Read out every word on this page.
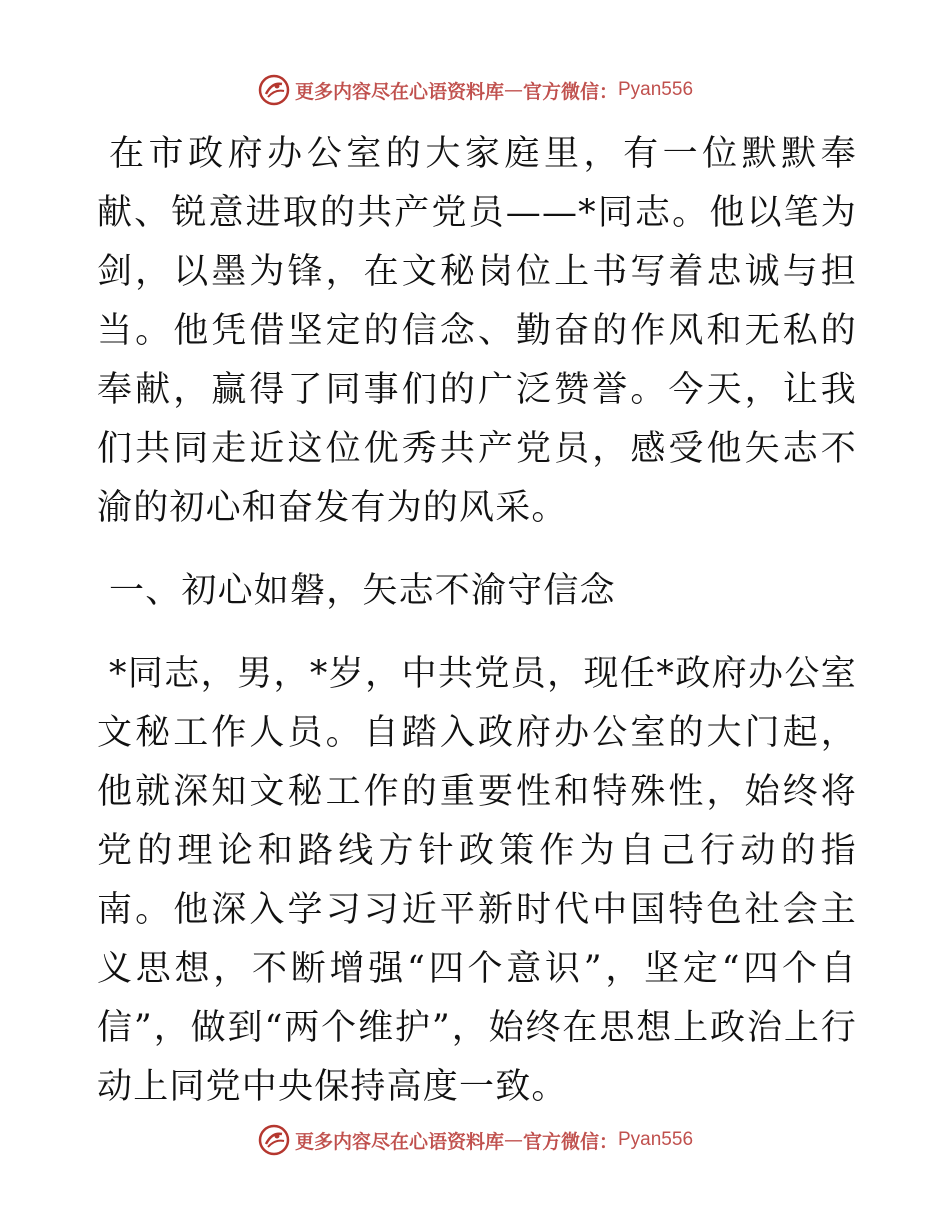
更多内容尽在心语资料库 — 官方微信： Pyan556

在市政府办公室的大家庭里，有一位默默奉献、锐意进取的共产党员——*同志。他以笔为剑，以墨为锋，在文秘岗位上书写着忠诚与担当。他凭借坚定的信念、勤奋的作风和无私的奉献，赢得了同事们的广泛赞誉。今天，让我们共同走近这位优秀共产党员，感受他矢志不渝的初心和奋发有为的风采。

一、初心如磐，矢志不渝守信念

*同志，男，*岁，中共党员，现任*政府办公室文秘工作人员。自踏入政府办公室的大门起，他就深知文秘工作的重要性和特殊性，始终将党的理论和路线方针政策作为自己行动的指南。他深入学习习近平新时代中国特色社会主义思想，不断增强“四个意识”，坚定“四个自信”，做到“两个维护”，始终在思想上政治上行动上同党中央保持高度一致。

更多内容尽在心语资料库 — 官方微信： Pyan556
